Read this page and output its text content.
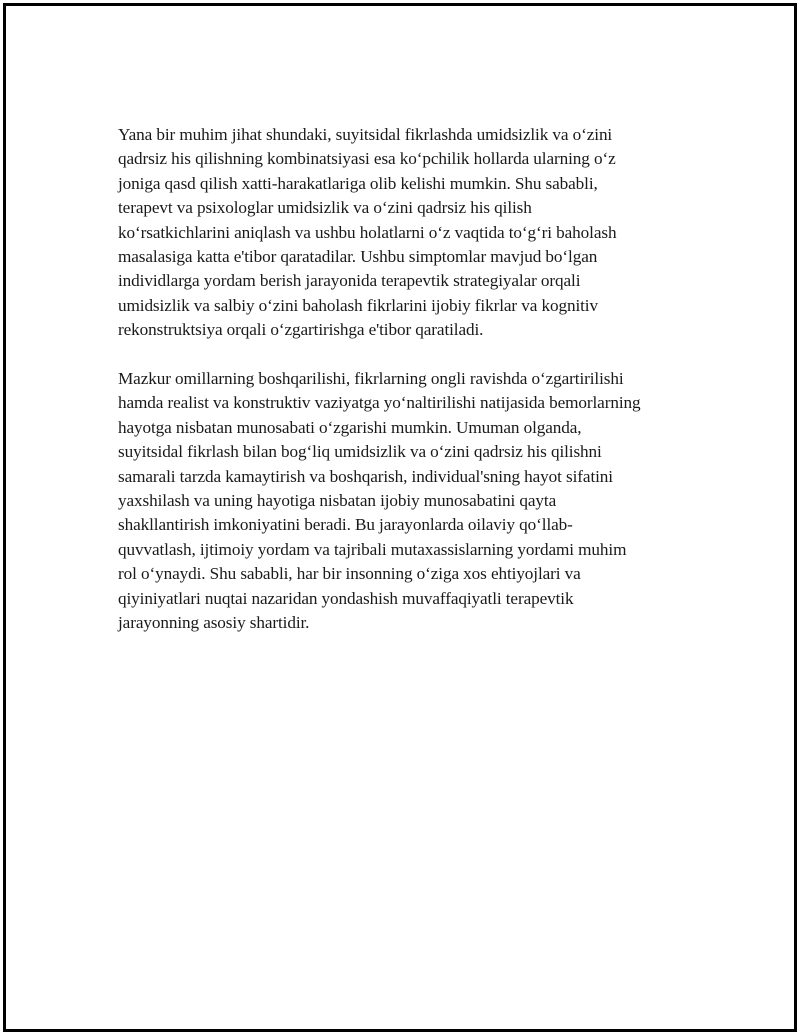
Yana bir muhim jihat shundaki, suyitsidal fikrlashda umidsizlik va oʻzini
qadrsiz his qilishning kombinatsiyasi esa koʻpchilik hollarda ularning oʻz
joniga qasd qilish xatti-harakatlariga olib kelishi mumkin. Shu sababli,
terapevt va psixologlar umidsizlik va oʻzini qadrsiz his qilish
koʻrsatkichlarini aniqlash va ushbu holatlarni oʻz vaqtida toʻgʻri baholash
masalasiga katta e'tibor qaratadilar. Ushbu simptomlar mavjud boʻlgan
individlarga yordam berish jarayonida terapevtik strategiyalar orqali
umidsizlik va salbiy oʻzini baholash fikrlarini ijobiy fikrlar va kognitiv
rekonstruktsiya orqali oʻzgartirishga e'tibor qaratiladi.

Mazkur omillarning boshqarilishi, fikrlarning ongli ravishda oʻzgartirilishi
hamda realist va konstruktiv vaziyatga yoʻnaltirilishi natijasida bemorlarning
hayotga nisbatan munosabati oʻzgarishi mumkin. Umuman olganda,
suyitsidal fikrlash bilan bogʻliq umidsizlik va oʻzini qadrsiz his qilishni
samarali tarzda kamaytirish va boshqarish, individual'sning hayot sifatini
yaxshilash va uning hayotiga nisbatan ijobiy munosabatini qayta
shakllantirish imkoniyatini beradi. Bu jarayonlarda oilaviy qoʻllab-
quvvatlash, ijtimoiy yordam va tajribali mutaxassislarning yordami muhim
rol oʻynaydi. Shu sababli, har bir insonning oʻziga xos ehtiyojlari va
qiyiniyatlari nuqtai nazaridan yondashish muvaffaqiyatli terapevtik
jarayonning asosiy shartidir.
